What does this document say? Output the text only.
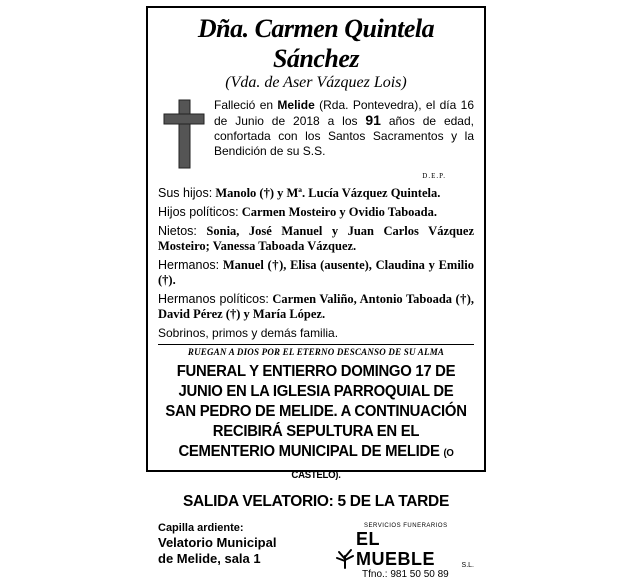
Dña. Carmen Quintela Sánchez
(Vda. de Aser Vázquez Lois)
Falleció en Melide (Rda. Pontevedra), el día 16 de Junio de 2018 a los 91 años de edad, confortada con los Santos Sacramentos y la Bendición de su S.S.
D.E.P.
Sus hijos: Manolo (†) y Mª. Lucía Vázquez Quintela.
Hijos políticos: Carmen Mosteiro y Ovidio Taboada.
Nietos: Sonia, José Manuel y Juan Carlos Vázquez Mosteiro; Vanessa Taboada Vázquez.
Hermanos: Manuel (†), Elisa (ausente), Claudina y Emilio (†).
Hermanos políticos: Carmen Valiño, Antonio Taboada (†), David Pérez (†) y María López.
Sobrinos, primos y demás familia.
RUEGAN A DIOS POR EL ETERNO DESCANSO DE SU ALMA
FUNERAL Y ENTIERRO DOMINGO 17 DE JUNIO EN LA IGLESIA PARROQUIAL DE SAN PEDRO DE MELIDE. A CONTINUACIÓN RECIBIRÁ SEPULTURA EN EL CEMENTERIO MUNICIPAL DE MELIDE (O CASTELO).
SALIDA VELATORIO: 5 DE LA TARDE
Capilla ardiente:
Velatorio Municipal
de Melide, sala 1
SERVICIOS FUNERARIOS
EL MUEBLE	S.L.
Tfno.: 981 50 50 89
